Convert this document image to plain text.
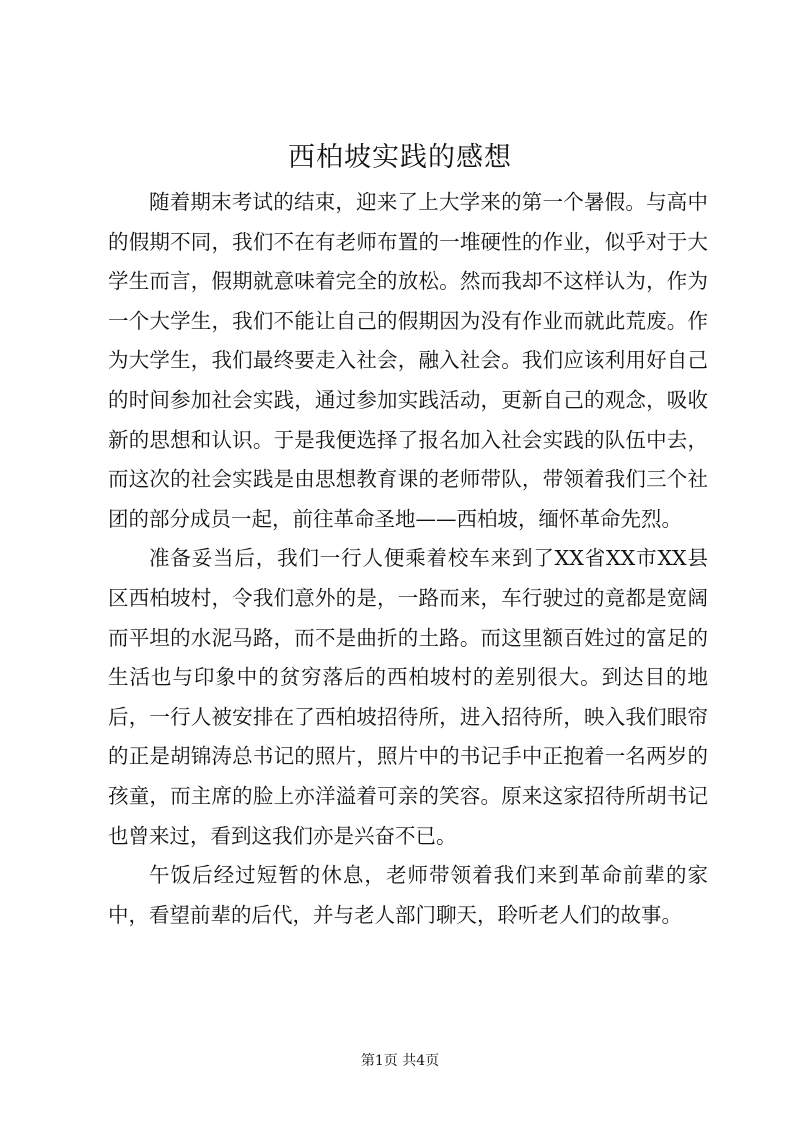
西柏坡实践的感想

随着期末考试的结束，迎来了上大学来的第一个暑假。与高中的假期不同，我们不在有老师布置的一堆硬性的作业，似乎对于大学生而言，假期就意味着完全的放松。然而我却不这样认为，作为一个大学生，我们不能让自己的假期因为没有作业而就此荒废。作为大学生，我们最终要走入社会，融入社会。我们应该利用好自己的时间参加社会实践，通过参加实践活动，更新自己的观念，吸收新的思想和认识。于是我便选择了报名加入社会实践的队伍中去，而这次的社会实践是由思想教育课的老师带队，带领着我们三个社团的部分成员一起，前往革命圣地——西柏坡，缅怀革命先烈。

准备妥当后，我们一行人便乘着校车来到了XX省XX市XX县区西柏坡村，令我们意外的是，一路而来，车行驶过的竟都是宽阔而平坦的水泥马路，而不是曲折的土路。而这里额百姓过的富足的生活也与印象中的贫穷落后的西柏坡村的差别很大。到达目的地后，一行人被安排在了西柏坡招待所，进入招待所，映入我们眼帘的正是胡锦涛总书记的照片，照片中的书记手中正抱着一名两岁的孩童，而主席的脸上亦洋溢着可亲的笑容。原来这家招待所胡书记也曾来过，看到这我们亦是兴奋不已。

午饭后经过短暂的休息，老师带领着我们来到革命前辈的家中，看望前辈的后代，并与老人部门聊天，聆听老人们的故事。

第1页 共4页
